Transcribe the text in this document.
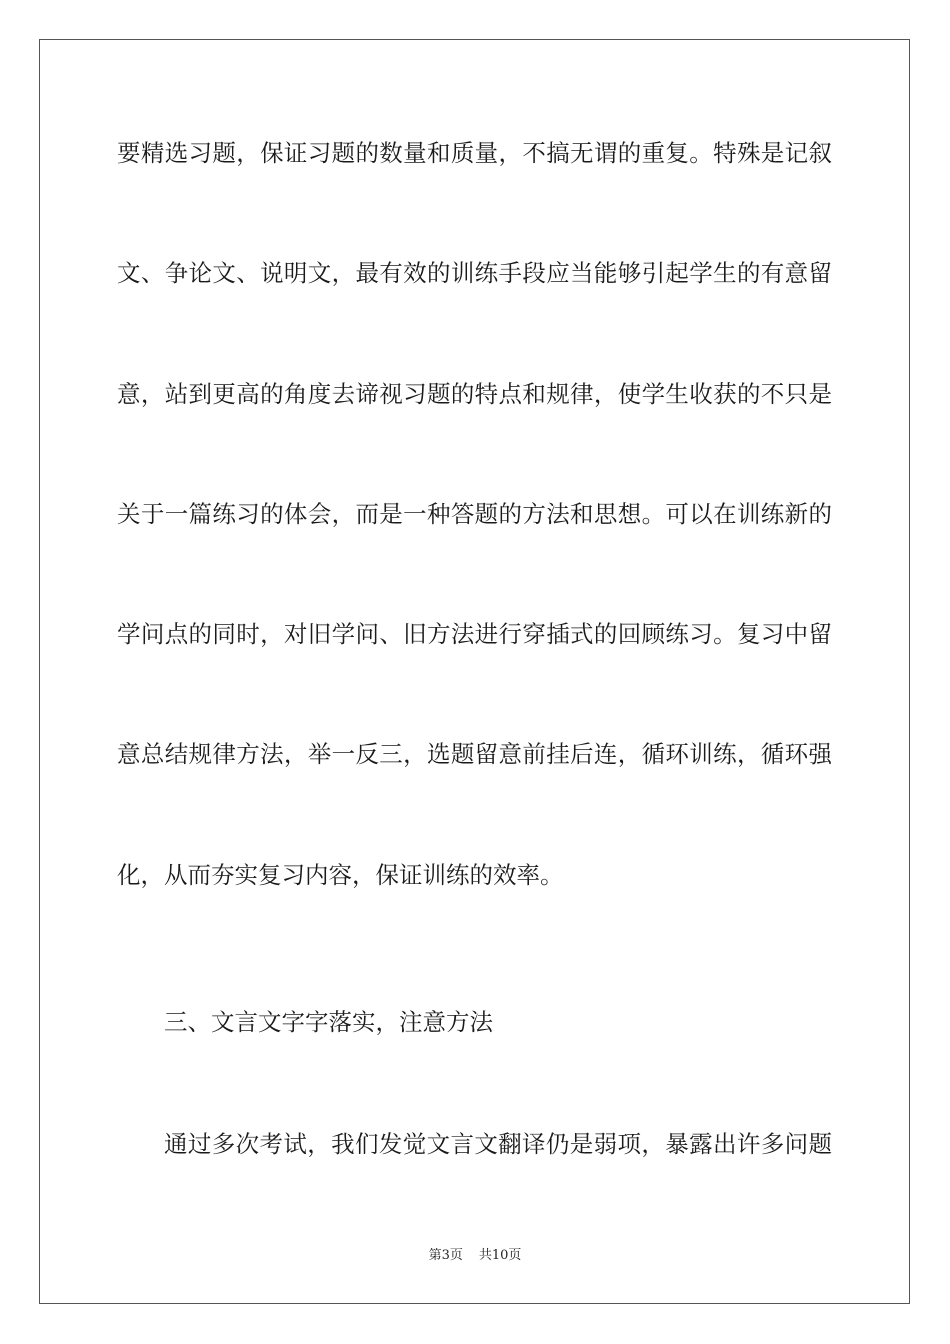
要精选习题，保证习题的数量和质量，不搞无谓的重复。特殊是记叙
文、争论文、说明文，最有效的训练手段应当能够引起学生的有意留
意，站到更高的角度去谛视习题的特点和规律，使学生收获的不只是
关于一篇练习的体会，而是一种答题的方法和思想。可以在训练新的
学问点的同时，对旧学问、旧方法进行穿插式的回顾练习。复习中留
意总结规律方法，举一反三，选题留意前挂后连，循环训练，循环强
化，从而夯实复习内容，保证训练的效率。
三、文言文字字落实，注意方法
通过多次考试，我们发觉文言文翻译仍是弱项，暴露出许多问题
第3页 共10页
